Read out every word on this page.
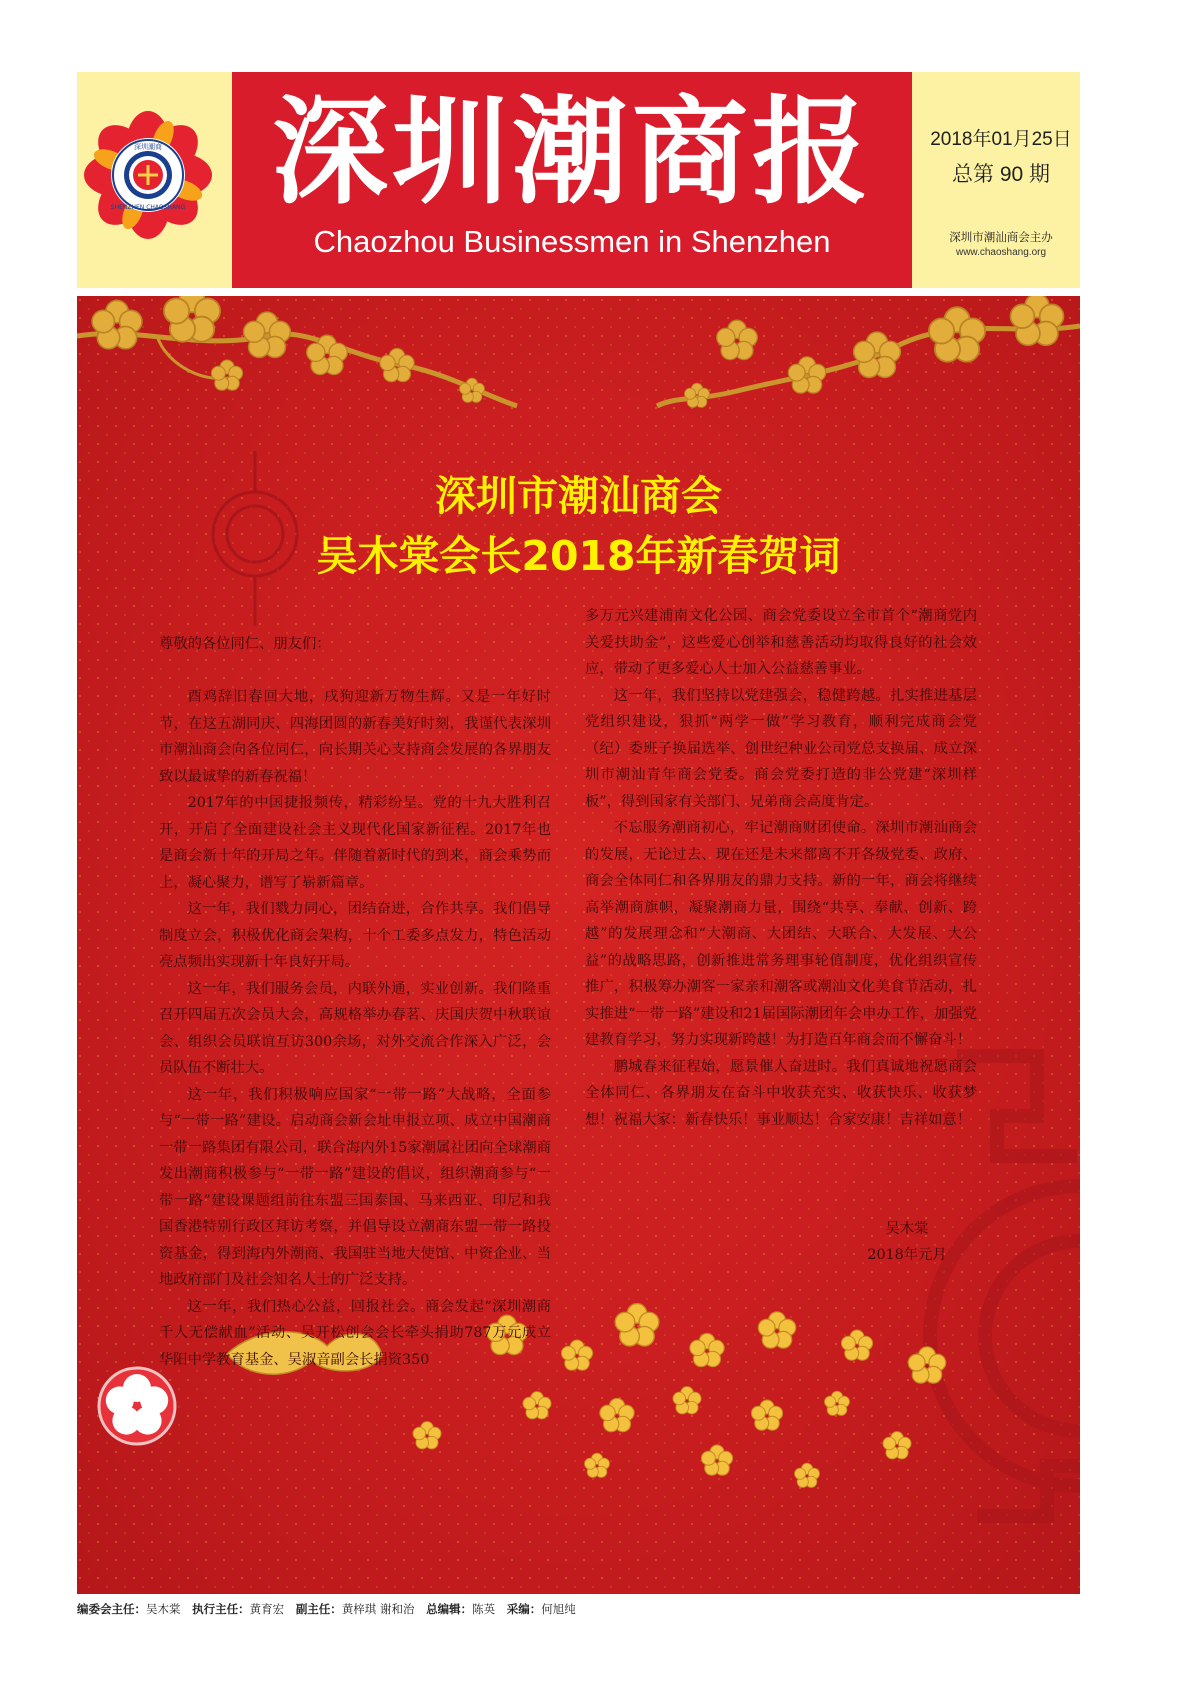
深圳潮商
SHENZHEN CHAOSHANG 深圳潮商报
Chaozhou Businessmen in Shenzhen
2018年01月25日
总第 90 期
深圳市潮汕商会主办
www.chaoshang.org
深圳市潮汕商会
吴木棠会长2018年新春贺词

尊敬的各位同仁、朋友们：

酉鸡辞旧春回大地，戌狗迎新万物生辉。又是一年好时节，在这五湖同庆、四海团圆的新春美好时刻，我谨代表深圳市潮汕商会向各位同仁，向长期关心支持商会发展的各界朋友致以最诚挚的新春祝福！

2017年的中国捷报频传，精彩纷呈。党的十九大胜利召开，开启了全面建设社会主义现代化国家新征程。2017年也是商会新十年的开局之年。伴随着新时代的到来，商会乘势而上，凝心聚力，谱写了崭新篇章。

这一年，我们戮力同心，团结奋进，合作共享。我们倡导制度立会，积极优化商会架构，十个工委多点发力，特色活动亮点频出实现新十年良好开局。

这一年，我们服务会员，内联外通，实业创新。我们隆重召开四届五次会员大会，高规格举办春茗、庆国庆贺中秋联谊会、组织会员联谊互访300余场，对外交流合作深入广泛，会员队伍不断壮大。

这一年，我们积极响应国家“一带一路”大战略，全面参与“一带一路”建设。启动商会新会址申报立项、成立中国潮商一带一路集团有限公司，联合海内外15家潮属社团向全球潮商发出潮商积极参与“一带一路”建设的倡议，组织潮商参与“一带一路”建设课题组前往东盟三国泰国、马来西亚、印尼和我国香港特别行政区拜访考察，并倡导设立潮商东盟一带一路投资基金，得到海内外潮商、我国驻当地大使馆、中资企业、当地政府部门及社会知名人士的广泛支持。

这一年，我们热心公益，回报社会。商会发起“深圳潮商千人无偿献血”活动、吴开松创会会长牵头捐助787万元成立华阳中学教育基金、吴淑音副会长捐资350

多万元兴建浦南文化公园、商会党委设立全市首个“潮商党内关爱扶助金”，这些爱心创举和慈善活动均取得良好的社会效应，带动了更多爱心人士加入公益慈善事业。

这一年，我们坚持以党建强会，稳健跨越。扎实推进基层党组织建设，狠抓“两学一做”学习教育，顺利完成商会党（纪）委班子换届选举、创世纪种业公司党总支换届、成立深圳市潮汕青年商会党委。商会党委打造的非公党建“深圳样板”，得到国家有关部门、兄弟商会高度肯定。

不忘服务潮商初心，牢记潮商财团使命。深圳市潮汕商会的发展，无论过去、现在还是未来都离不开各级党委、政府、商会全体同仁和各界朋友的鼎力支持。新的一年，商会将继续高举潮商旗帜，凝聚潮商力量，围绕“共享、奉献、创新、跨越”的发展理念和“大潮商、大团结、大联合、大发展、大公益”的战略思路，创新推进常务理事轮值制度，优化组织宣传推广，积极筹办潮客一家亲和潮客或潮汕文化美食节活动，扎实推进“一带一路”建设和21届国际潮团年会申办工作，加强党建教育学习，努力实现新跨越！为打造百年商会而不懈奋斗！

鹏城春来征程始，愿景催人奋进时。我们真诚地祝愿商会全体同仁、各界朋友在奋斗中收获充实、收获快乐、收获梦想！祝福大家：新春快乐！事业顺达！合家安康！吉祥如意！

吴木棠
2018年元月
编委会主任：吴木棠 执行主任：黄育宏 副主任：黄梓琪 谢和治 总编辑：陈英 采编：何旭纯
